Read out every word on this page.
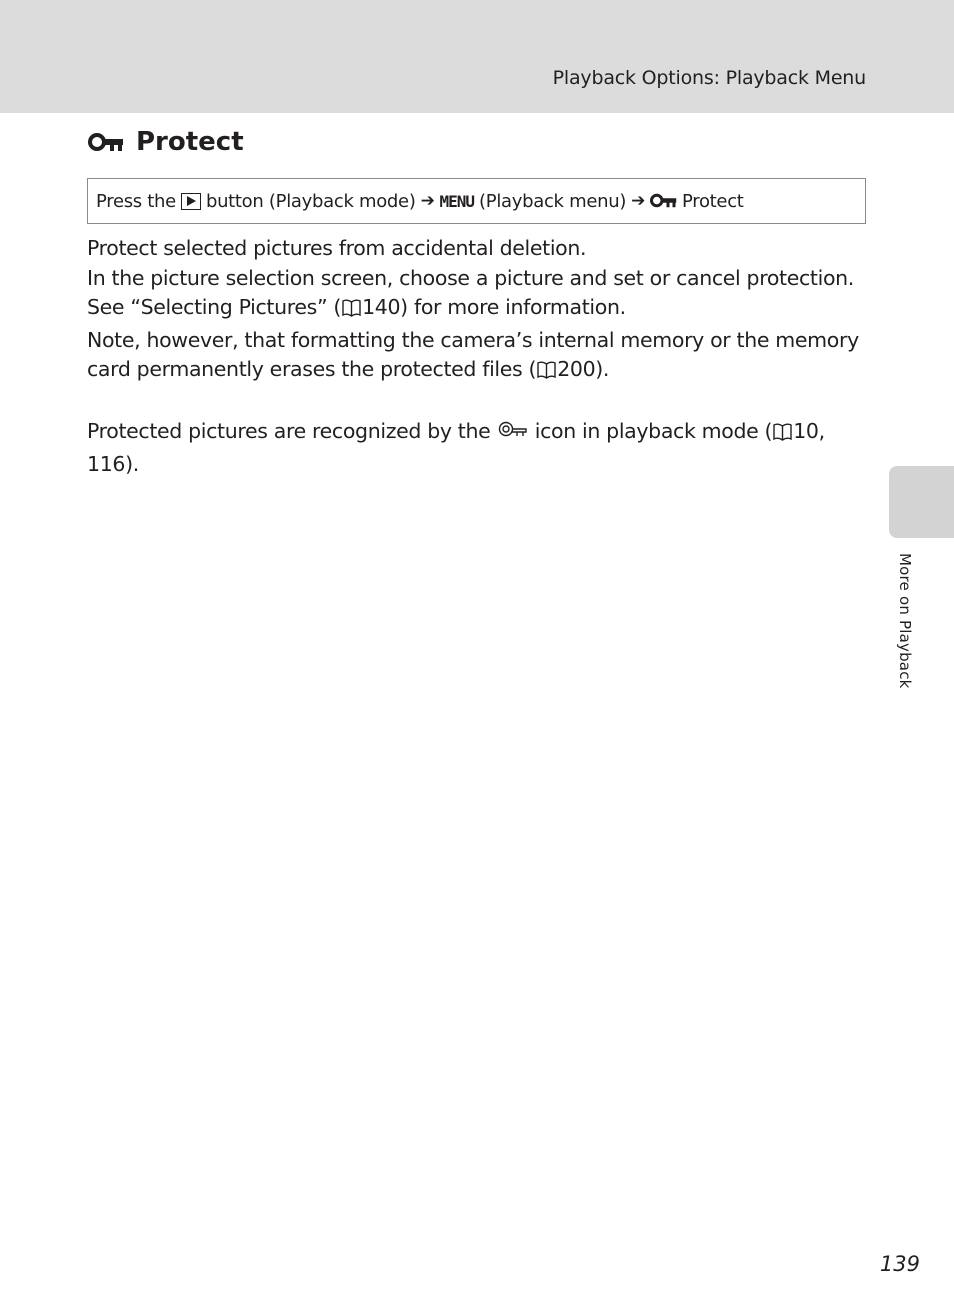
Playback Options: Playback Menu
Protect
Press the button (Playback mode) ➔ MENU (Playback menu) ➔ Protect

Protect selected pictures from accidental deletion.

In the picture selection screen, choose a picture and set or cancel protection. See “Selecting Pictures” ( 140) for more information.

Note, however, that formatting the camera’s internal memory or the memory card permanently erases the protected files ( 200).

Protected pictures are recognized by the icon in playback mode ( 10, 116).

More on Playback
139
